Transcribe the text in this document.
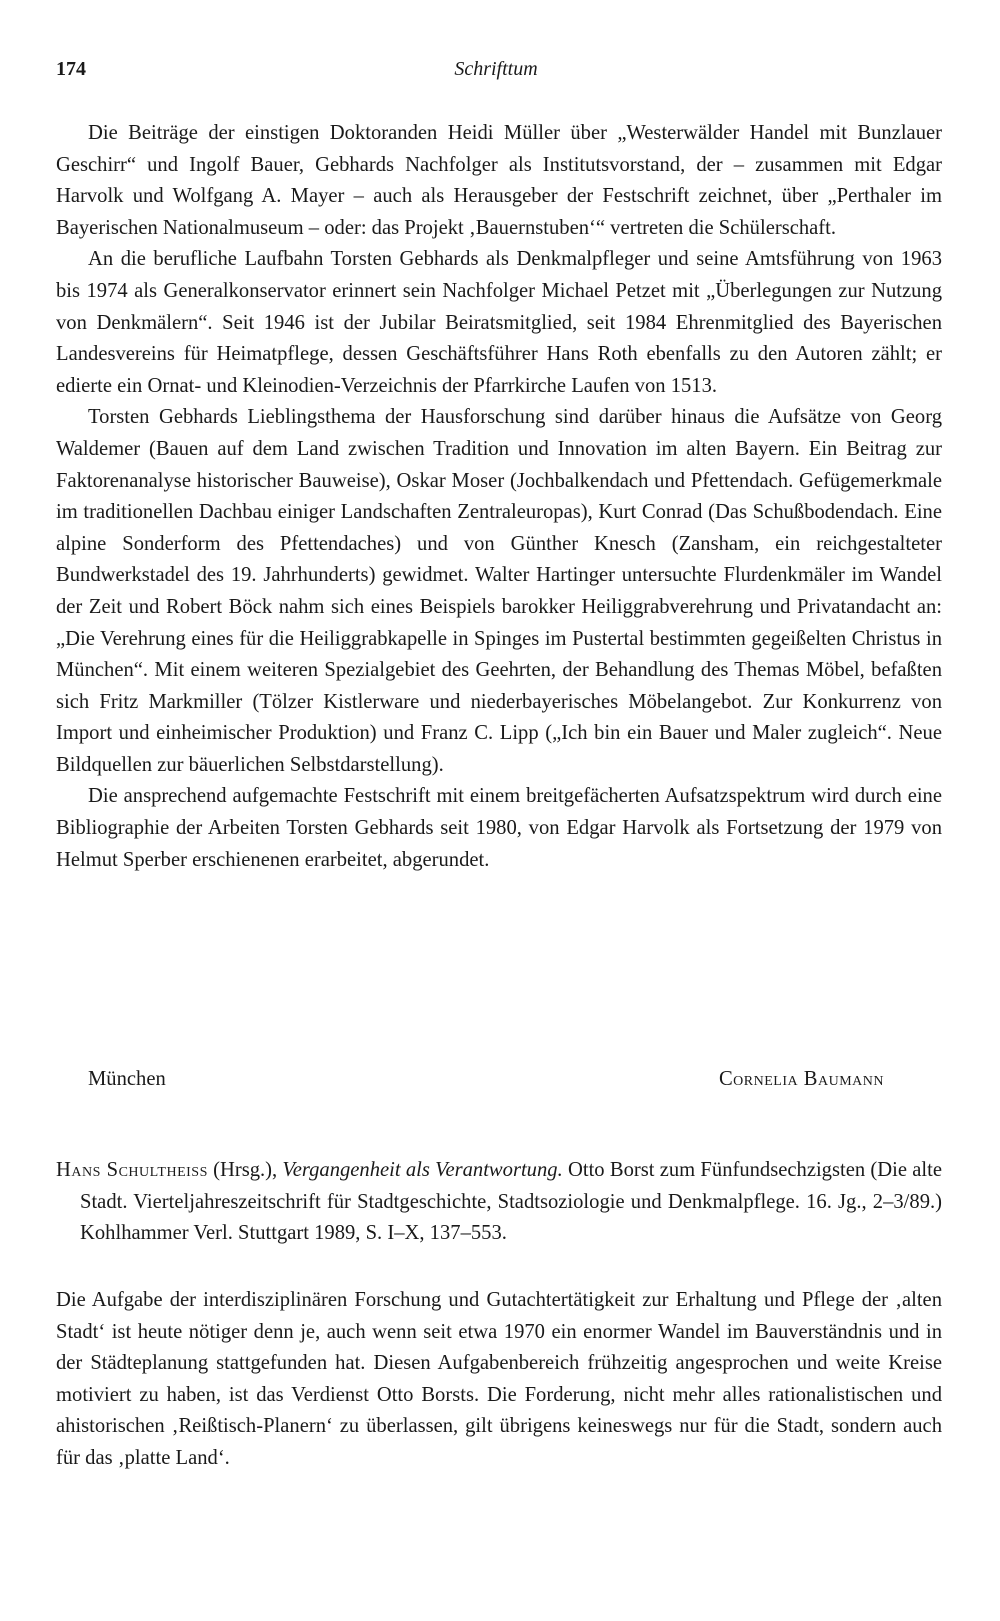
174	Schrifttum

Die Beiträge der einstigen Doktoranden Heidi Müller über „Westerwälder Handel mit Bunzlauer Geschirr“ und Ingolf Bauer, Gebhards Nachfolger als Institutsvorstand, der – zusammen mit Edgar Harvolk und Wolfgang A. Mayer – auch als Herausgeber der Festschrift zeichnet, über „Perthaler im Bayerischen Nationalmuseum – oder: das Projekt ‚Bauernstuben‘“ vertreten die Schülerschaft.

An die berufliche Laufbahn Torsten Gebhards als Denkmalpfleger und seine Amtsführung von 1963 bis 1974 als Generalkonservator erinnert sein Nachfolger Michael Petzet mit „Überlegungen zur Nutzung von Denkmälern“. Seit 1946 ist der Jubilar Beiratsmitglied, seit 1984 Ehrenmitglied des Bayerischen Landesvereins für Heimatpflege, dessen Geschäftsführer Hans Roth ebenfalls zu den Autoren zählt; er edierte ein Ornat- und Kleinodien-Verzeichnis der Pfarrkirche Laufen von 1513.

Torsten Gebhards Lieblingsthema der Hausforschung sind darüber hinaus die Aufsätze von Georg Waldemer (Bauen auf dem Land zwischen Tradition und Innovation im alten Bayern. Ein Beitrag zur Faktorenanalyse historischer Bauweise), Oskar Moser (Jochbalkendach und Pfettendach. Gefügemerkmale im traditionellen Dachbau einiger Landschaften Zentraleuropas), Kurt Conrad (Das Schußbodendach. Eine alpine Sonderform des Pfettendaches) und von Günther Knesch (Zansham, ein reichgestalteter Bundwerkstadel des 19. Jahrhunderts) gewidmet. Walter Hartinger untersuchte Flurdenkmäler im Wandel der Zeit und Robert Böck nahm sich eines Beispiels barokker Heiliggrabverehrung und Privatandacht an: „Die Verehrung eines für die Heiliggrabkapelle in Spinges im Pustertal bestimmten gegeißelten Christus in München“. Mit einem weiteren Spezialgebiet des Geehrten, der Behandlung des Themas Möbel, befaßten sich Fritz Markmiller (Tölzer Kistlerware und niederbayerisches Möbelangebot. Zur Konkurrenz von Import und einheimischer Produktion) und Franz C. Lipp („Ich bin ein Bauer und Maler zugleich“. Neue Bildquellen zur bäuerlichen Selbstdarstellung).

Die ansprechend aufgemachte Festschrift mit einem breitgefächerten Aufsatzspektrum wird durch eine Bibliographie der Arbeiten Torsten Gebhards seit 1980, von Edgar Harvolk als Fortsetzung der 1979 von Helmut Sperber erschienenen erarbeitet, abgerundet.

München	Cornelia Baumann

Hans Schultheiss (Hrsg.), Vergangenheit als Verantwortung. Otto Borst zum Fünfundsechzigsten (Die alte Stadt. Vierteljahreszeitschrift für Stadtgeschichte, Stadtsoziologie und Denkmalpflege. 16. Jg., 2–3/89.) Kohlhammer Verl. Stuttgart 1989, S. I–X, 137–553.

Die Aufgabe der interdisziplinären Forschung und Gutachtertätigkeit zur Erhaltung und Pflege der ‚alten Stadt‘ ist heute nötiger denn je, auch wenn seit etwa 1970 ein enormer Wandel im Bauverständnis und in der Städteplanung stattgefunden hat. Diesen Aufgabenbereich frühzeitig angesprochen und weite Kreise motiviert zu haben, ist das Verdienst Otto Borsts. Die Forderung, nicht mehr alles rationalistischen und ahistorischen ‚Reißtisch-Planern‘ zu überlassen, gilt übrigens keineswegs nur für die Stadt, sondern auch für das ‚platte Land‘.
